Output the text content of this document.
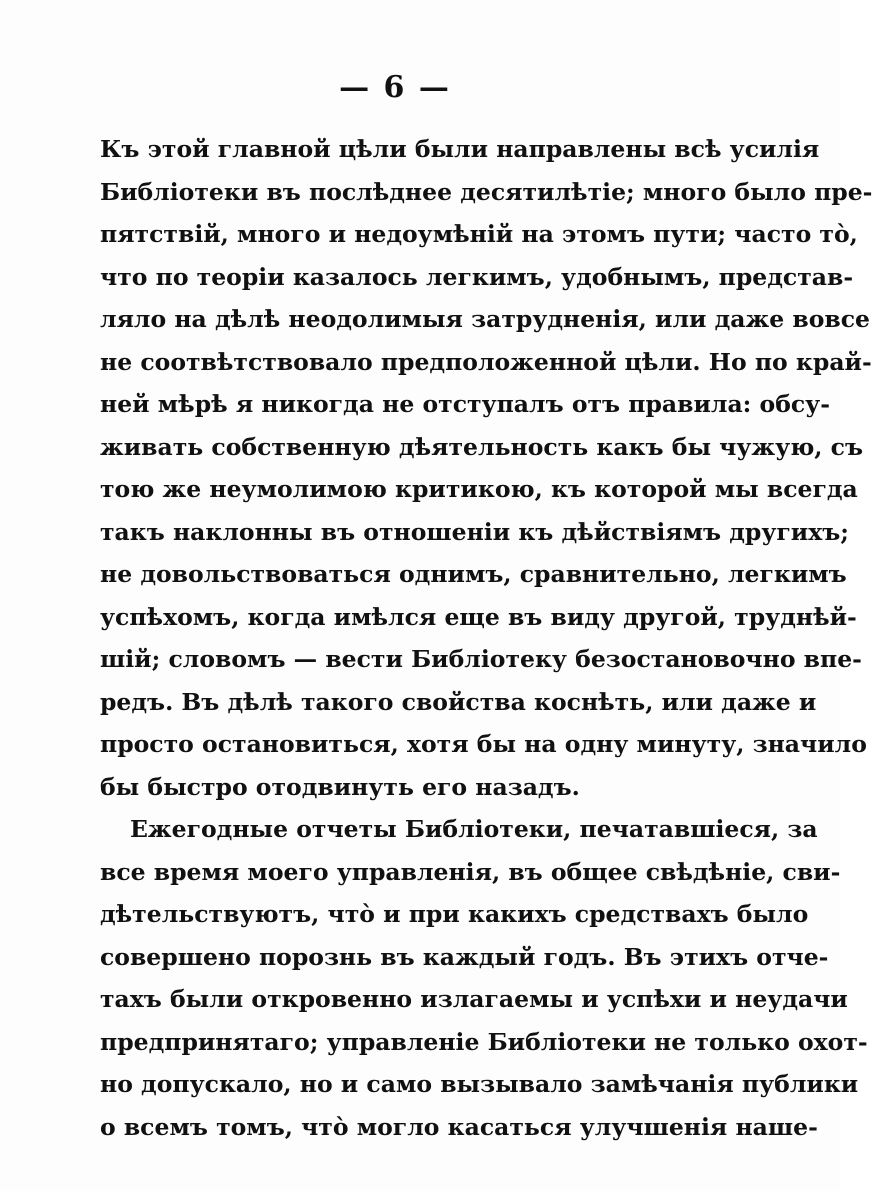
— 6 —
Къ этой главной цѣли были направлены всѣ усилія
Библіотеки въ послѣднее десятилѣтіе; много было пре-
пятствій, много и недоумѣній на этомъ пути; часто то̀,
что по теоріи казалось легкимъ, удобнымъ, представ-
ляло на дѣлѣ неодолимыя затрудненія, или даже вовсе
не соотвѣтствовало предположенной цѣли. Но по край-
ней мѣрѣ я никогда не отступалъ отъ правила: обсу-
живать собственную дѣятельность какъ бы чужую, съ
тою же неумолимою критикою, къ которой мы всегда
такъ наклонны въ отношеніи къ дѣйствіямъ другихъ;
не довольствоваться однимъ, сравнительно, легкимъ
успѣхомъ, когда имѣлся еще въ виду другой, труднѣй-
шій; словомъ — вести Библіотеку безостановочно впе-
редъ. Въ дѣлѣ такого свойства коснѣть, или даже и
просто остановиться, хотя бы на одну минуту, значило
бы быстро отодвинуть его назадъ.
Ежегодные отчеты Библіотеки, печатавшіеся, за
все время моего управленія, въ общее свѣдѣніе, сви-
дѣтельствуютъ, что̀ и при какихъ средствахъ было
совершено порознь въ каждый годъ. Въ этихъ отче-
тахъ были откровенно излагаемы и успѣхи и неудачи
предпринятаго; управленіе Библіотеки не только охот-
но допускало, но и само вызывало замѣчанія публики
о всемъ томъ, что̀ могло касаться улучшенія наше-
